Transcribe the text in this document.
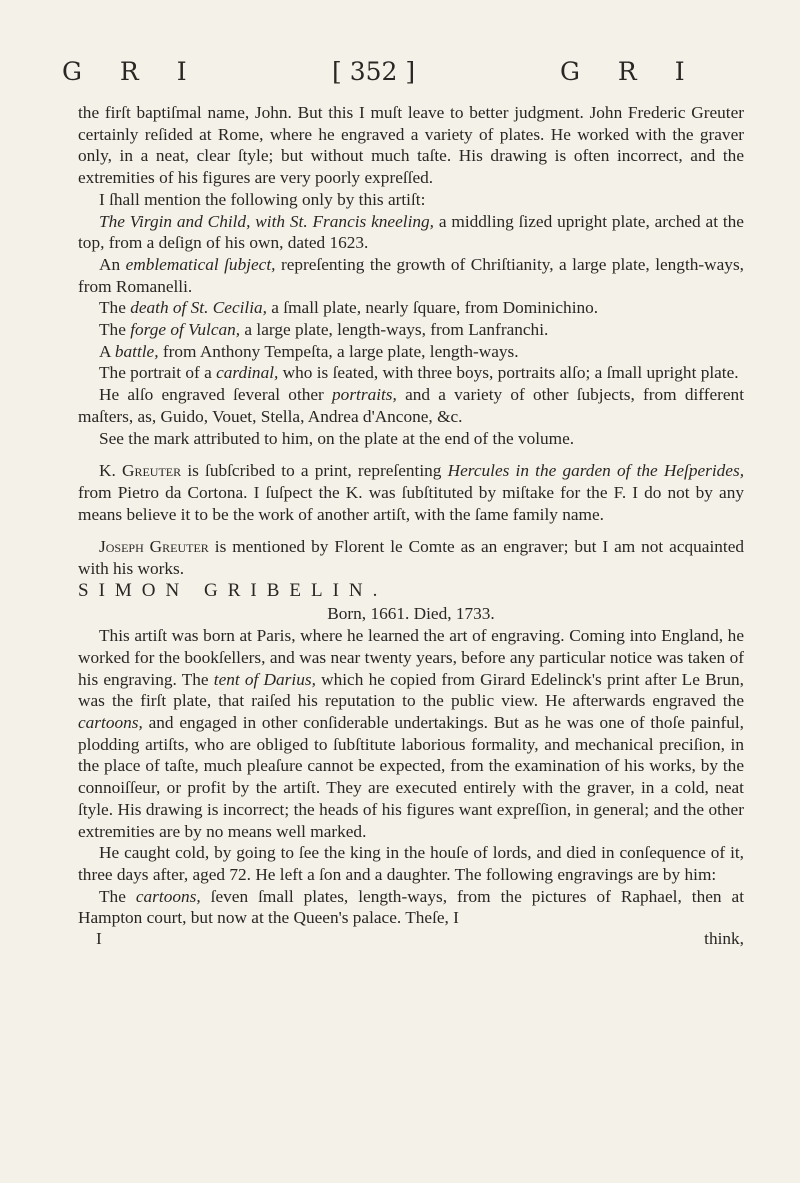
G R I	[ 352 ]	G R I

the firſt baptiſmal name, John. But this I muſt leave to better judgment. John Frederic Greuter certainly reſided at Rome, where he engraved a variety of plates. He worked with the graver only, in a neat, clear ſtyle; but without much taſte. His drawing is often incorrect, and the extremities of his figures are very poorly expreſſed.

I ſhall mention the following only by this artiſt:

The Virgin and Child, with St. Francis kneeling, a middling ſized upright plate, arched at the top, from a deſign of his own, dated 1623.

An emblematical ſubject, repreſenting the growth of Chriſtianity, a large plate, length-ways, from Romanelli.

The death of St. Cecilia, a ſmall plate, nearly ſquare, from Dominichino.

The forge of Vulcan, a large plate, length-ways, from Lanfranchi.

A battle, from Anthony Tempeſta, a large plate, length-ways.

The portrait of a cardinal, who is ſeated, with three boys, portraits alſo; a ſmall upright plate.

He alſo engraved ſeveral other portraits, and a variety of other ſubjects, from different maſters, as, Guido, Vouet, Stella, Andrea d'Ancone, &c.

See the mark attributed to him, on the plate at the end of the volume.

K. Greuter is ſubſcribed to a print, repreſenting Hercules in the garden of the Heſperides, from Pietro da Cortona. I ſuſpect the K. was ſubſtituted by miſtake for the F. I do not by any means believe it to be the work of another artiſt, with the ſame family name.

Joseph Greuter is mentioned by Florent le Comte as an engraver; but I am not acquainted with his works.

SIMON GRIBELIN.

Born, 1661. Died, 1733.

This artiſt was born at Paris, where he learned the art of engraving. Coming into England, he worked for the bookſellers, and was near twenty years, before any particular notice was taken of his engraving. The tent of Darius, which he copied from Girard Edelinck's print after Le Brun, was the firſt plate, that raiſed his reputation to the public view. He afterwards engraved the cartoons, and engaged in other conſiderable undertakings. But as he was one of thoſe painful, plodding artiſts, who are obliged to ſubſtitute laborious formality, and mechanical preciſion, in the place of taſte, much pleaſure cannot be expected, from the examination of his works, by the connoiſſeur, or profit by the artiſt. They are executed entirely with the graver, in a cold, neat ſtyle. His drawing is incorrect; the heads of his figures want expreſſion, in general; and the other extremities are by no means well marked.

He caught cold, by going to ſee the king in the houſe of lords, and died in conſequence of it, three days after, aged 72. He left a ſon and a daughter. The following engravings are by him:

The cartoons, ſeven ſmall plates, length-ways, from the pictures of Raphael, then at Hampton court, but now at the Queen's palace. Theſe, I

I	think,
